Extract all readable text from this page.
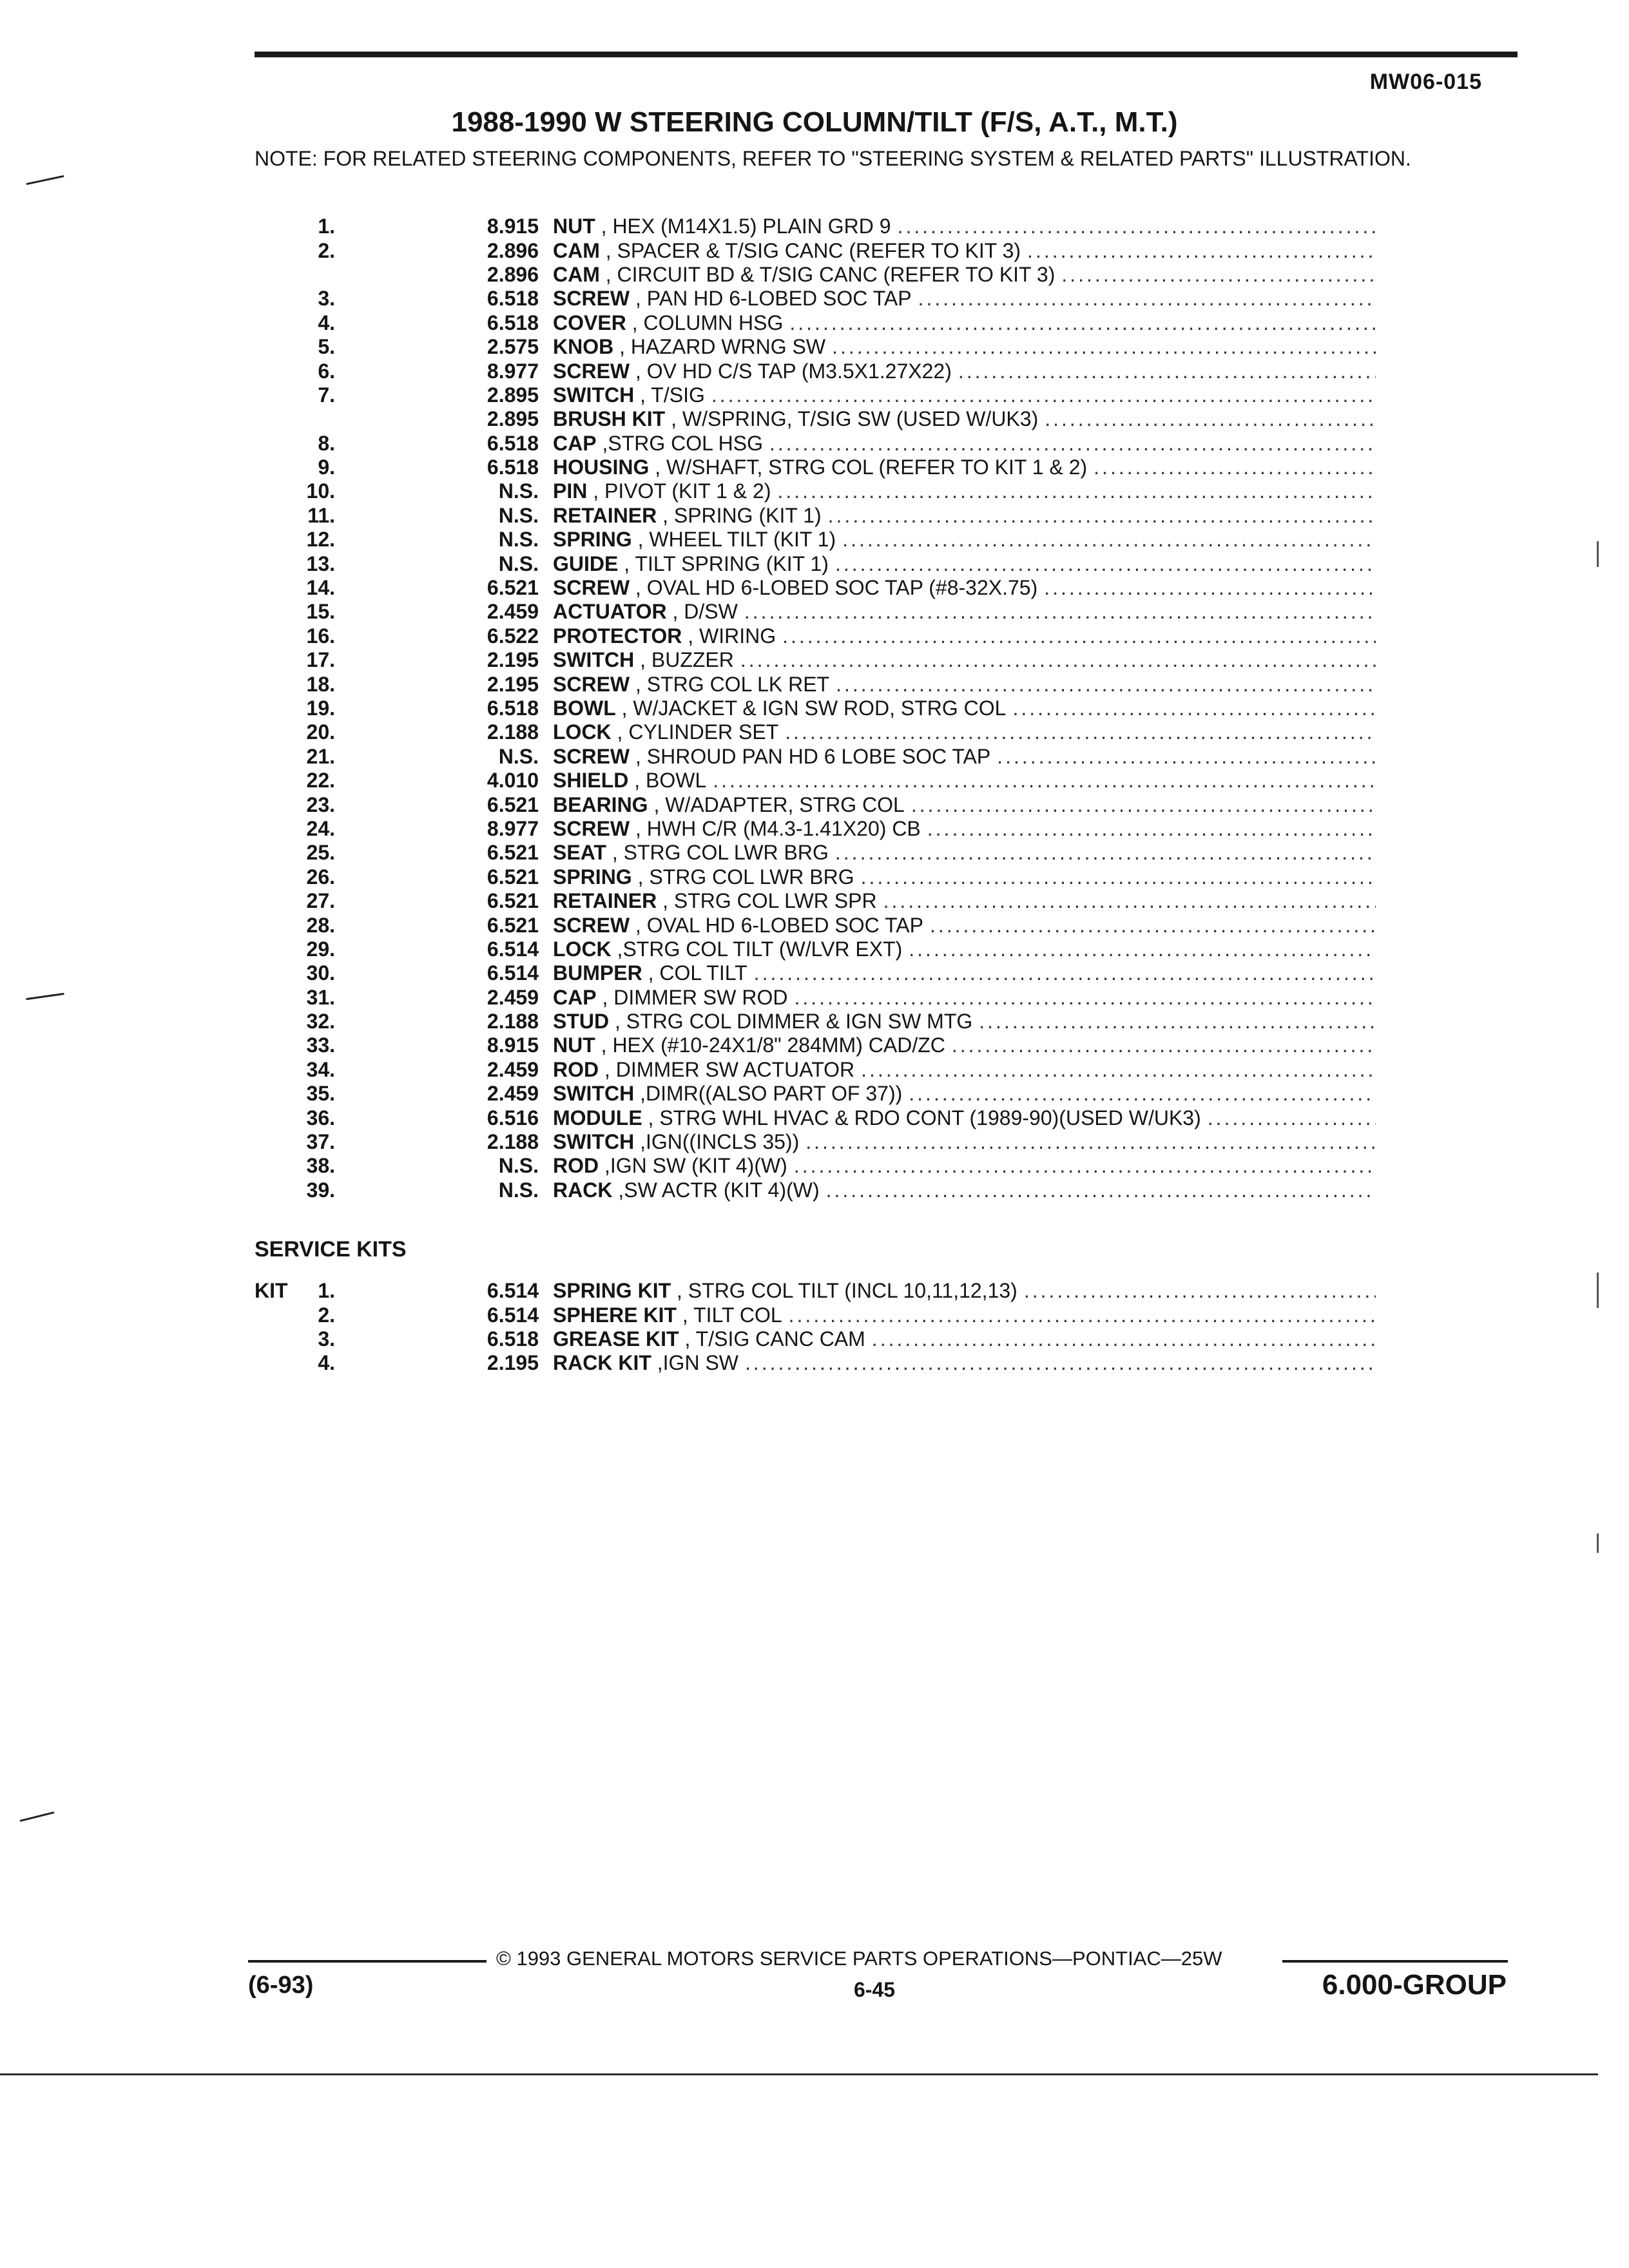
MW06-015
1988-1990 W STEERING COLUMN/TILT (F/S, A.T., M.T.)
NOTE: FOR RELATED STEERING COMPONENTS, REFER TO "STEERING SYSTEM & RELATED PARTS" ILLUSTRATION.
1.	8.915 NUT , HEX (M14X1.5) PLAIN GRD 9
.....
2.	2.896 CAM , SPACER & T/SIG CANC (REFER TO KIT 3)
.....
2.896 CAM , CIRCUIT BD & T/SIG CANC (REFER TO KIT 3)
.....
3.	6.518 SCREW , PAN HD 6-LOBED SOC TAP
.....
4.	6.518 COVER , COLUMN HSG
.....
5.	2.575 KNOB , HAZARD WRNG SW
.....
6.	8.977 SCREW , OV HD C/S TAP (M3.5X1.27X22)
.....
7.	2.895 SWITCH , T/SIG
.....
2.895 BRUSH KIT , W/SPRING, T/SIG SW (USED W/UK3)
.....
8.	6.518 CAP ,STRG COL HSG
.....
9.	6.518 HOUSING , W/SHAFT, STRG COL (REFER TO KIT 1 & 2)
.....
10.	N.S. PIN , PIVOT (KIT 1 & 2)
.....
11.	N.S. RETAINER , SPRING (KIT 1)
.....
12.	N.S. SPRING , WHEEL TILT (KIT 1)
.....
13.	N.S. GUIDE , TILT SPRING (KIT 1)
.....
14.	6.521 SCREW , OVAL HD 6-LOBED SOC TAP (#8-32X.75)
.....
15.	2.459 ACTUATOR , D/SW
.....
16.	6.522 PROTECTOR , WIRING
.....
17.	2.195 SWITCH , BUZZER
.....
18.	2.195 SCREW , STRG COL LK RET
.....
19.	6.518 BOWL , W/JACKET & IGN SW ROD, STRG COL
.....
20.	2.188 LOCK , CYLINDER SET
.....
21.	N.S. SCREW , SHROUD PAN HD 6 LOBE SOC TAP
.....
22.	4.010 SHIELD , BOWL
.....
23.	6.521 BEARING , W/ADAPTER, STRG COL
.....
24.	8.977 SCREW , HWH C/R (M4.3-1.41X20) CB
.....
25.	6.521 SEAT , STRG COL LWR BRG
.....
26.	6.521 SPRING , STRG COL LWR BRG
.....
27.	6.521 RETAINER , STRG COL LWR SPR
.....
28.	6.521 SCREW , OVAL HD 6-LOBED SOC TAP
.....
29.	6.514 LOCK ,STRG COL TILT (W/LVR EXT)
.....
30.	6.514 BUMPER , COL TILT
.....
31.	2.459 CAP , DIMMER SW ROD
.....
32.	2.188 STUD , STRG COL DIMMER & IGN SW MTG
.....
33.	8.915 NUT , HEX (#10-24X1/8" 284MM) CAD/ZC
.....
34.	2.459 ROD , DIMMER SW ACTUATOR
.....
35.	2.459 SWITCH ,DIMR((ALSO PART OF 37))
.....
36.	6.516 MODULE , STRG WHL HVAC & RDO CONT (1989-90)(USED W/UK3)
.....
37.	2.188 SWITCH ,IGN((INCLS 35))
.....
38.	N.S. ROD ,IGN SW (KIT 4)(W)
.....
39.	N.S. RACK ,SW ACTR (KIT 4)(W)
.....
SERVICE KITS
KIT	1.	6.514 SPRING KIT , STRG COL TILT (INCL 10,11,12,13)
.....
2.	6.514 SPHERE KIT , TILT COL
.....
3.	6.518 GREASE KIT , T/SIG CANC CAM
.....
4.	2.195 RACK KIT ,IGN SW
.....
© 1993 GENERAL MOTORS SERVICE PARTS OPERATIONS—PONTIAC—25W
(6-93)	6-45	6.000-GROUP
